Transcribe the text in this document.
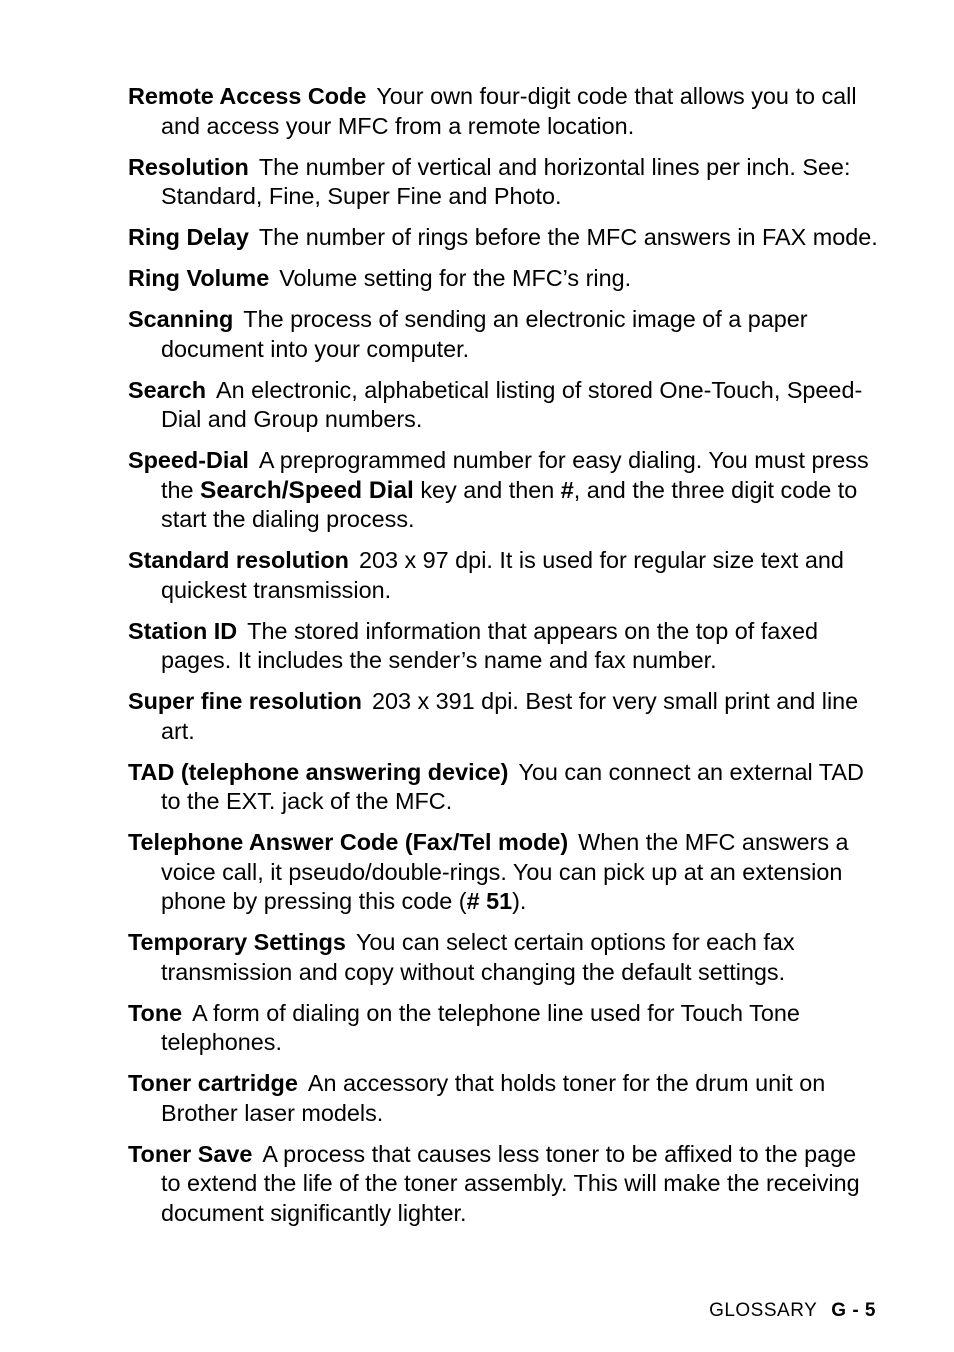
Remote Access Code Your own four-digit code that allows you to call and access your MFC from a remote location.

Resolution The number of vertical and horizontal lines per inch. See: Standard, Fine, Super Fine and Photo.

Ring Delay The number of rings before the MFC answers in FAX mode.

Ring Volume Volume setting for the MFC’s ring.

Scanning The process of sending an electronic image of a paper document into your computer.

Search An electronic, alphabetical listing of stored One-Touch, Speed-Dial and Group numbers.

Speed-Dial A preprogrammed number for easy dialing. You must press the Search/Speed Dial key and then #, and the three digit code to start the dialing process.

Standard resolution 203 x 97 dpi. It is used for regular size text and quickest transmission.

Station ID The stored information that appears on the top of faxed pages. It includes the sender’s name and fax number.

Super fine resolution 203 x 391 dpi. Best for very small print and line art.

TAD (telephone answering device) You can connect an external TAD to the EXT. jack of the MFC.

Telephone Answer Code (Fax/Tel mode) When the MFC answers a voice call, it pseudo/double-rings. You can pick up at an extension phone by pressing this code (# 51).

Temporary Settings You can select certain options for each fax transmission and copy without changing the default settings.

Tone A form of dialing on the telephone line used for Touch Tone telephones.

Toner cartridge An accessory that holds toner for the drum unit on Brother laser models.

Toner Save A process that causes less toner to be affixed to the page to extend the life of the toner assembly. This will make the receiving document significantly lighter.

GLOSSARY G - 5
